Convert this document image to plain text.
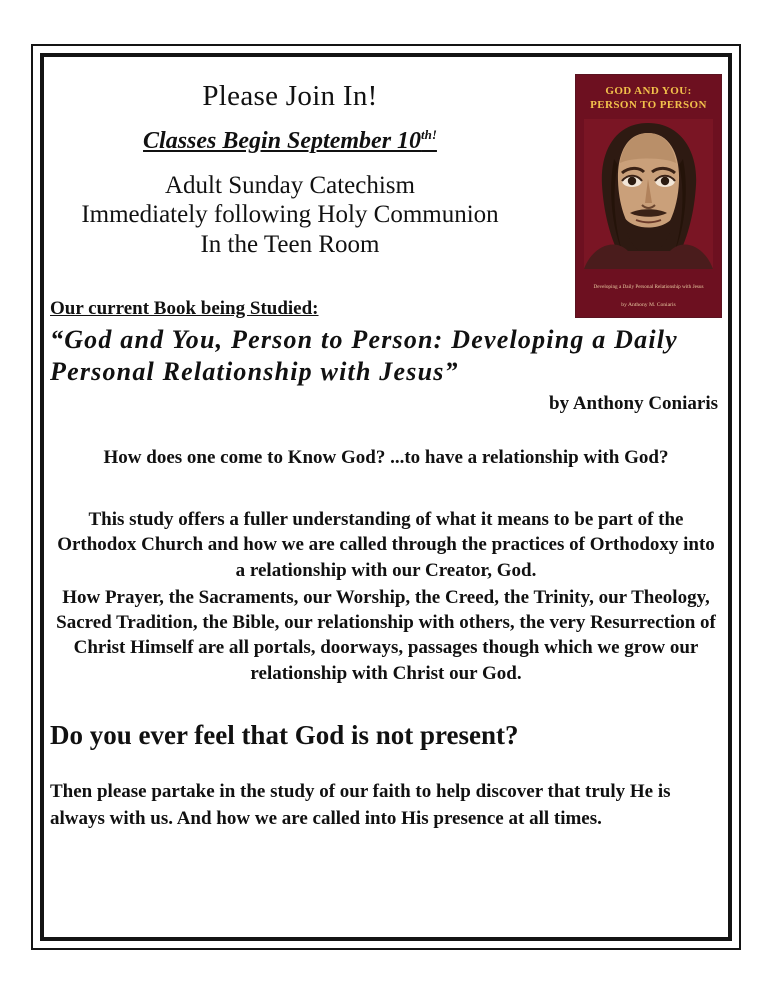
Please Join In!
Classes Begin September $10^{th!}$
Adult Sunday Catechism
Immediately following Holy Communion
In the Teen Room
GOD AND YOU:
PERSON TO PERSON
Developing a Daily Personal Relationship with Jesus
by Anthony M. Coniaris
Our current Book being Studied:
“God and You, Person to Person: Developing a Daily Personal Relationship with Jesus”
by Anthony Coniaris
How does one come to Know God? ...to have a relationship with God?
This study offers a fuller understanding of what it means to be part of the Orthodox Church and how we are called through the practices of Orthodoxy into a relationship with our Creator, God.
How Prayer, the Sacraments, our Worship, the Creed, the Trinity, our Theology, Sacred Tradition, the Bible, our relationship with others, the very Resurrection of Christ Himself are all portals, doorways, passages though which we grow our relationship with Christ our God.
Do you ever feel that God is not present?
Then please partake in the study of our faith to help discover that truly He is always with us. And how we are called into His presence at all times.
